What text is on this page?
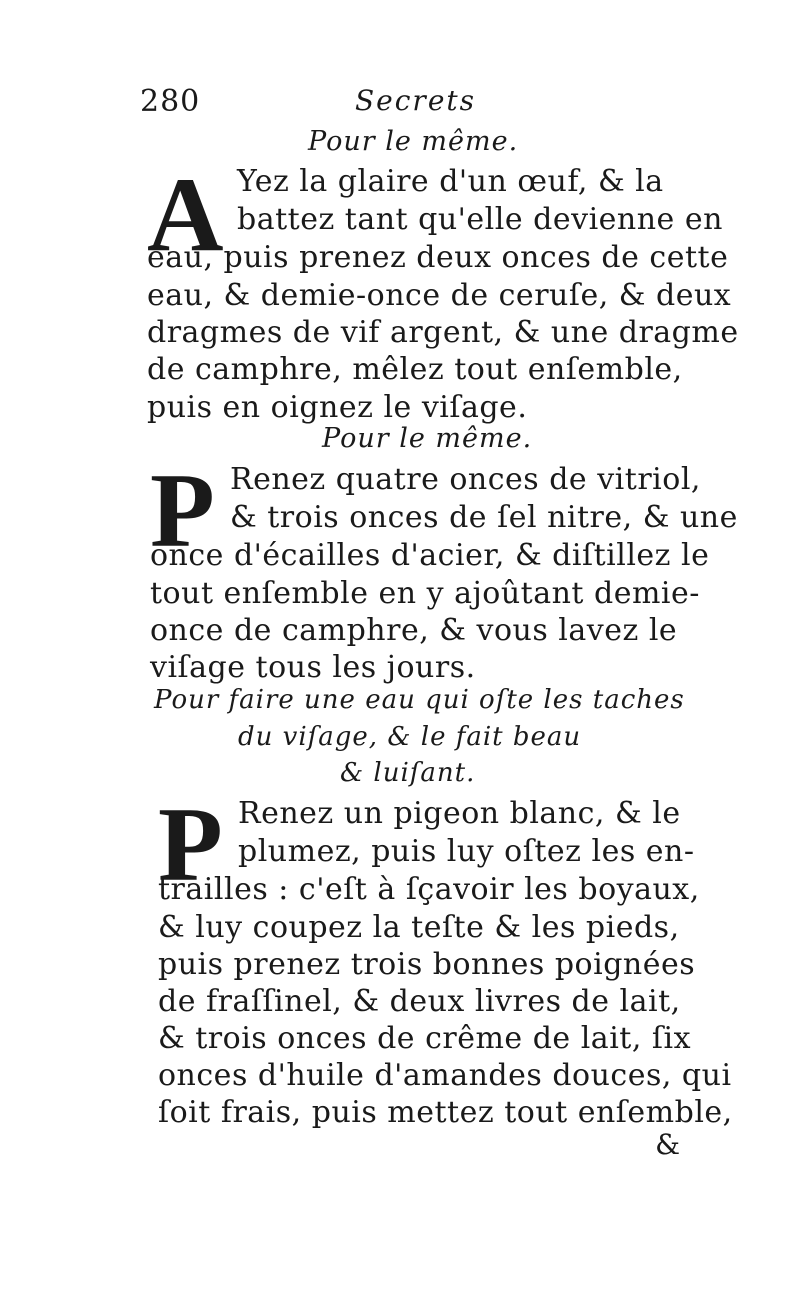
280	Secrets
Pour le même.
A Yez la glaire d'un œuf, & la
battez tant qu'elle devienne en
eau, puis prenez deux onces de cette
eau, & demie-once de ceruſe, & deux
dragmes de vif argent, & une dragme
de camphre, mêlez tout enſemble,
puis en oignez le viſage.
Pour le même.
P Renez quatre onces de vitriol,
& trois onces de ſel nitre, & une
once d'écailles d'acier, & diſtillez le
tout enſemble en y ajoûtant demie-
once de camphre, & vous lavez le
viſage tous les jours.
Pour faire une eau qui oſte les taches
du viſage, & le fait beau
& luiſant.
P Renez un pigeon blanc, & le
plumez, puis luy oſtez les en-
trailles : c'eſt à ſçavoir les boyaux,
& luy coupez la teſte & les pieds,
puis prenez trois bonnes poignées
de fraſſinel, & deux livres de lait,
& trois onces de crême de lait, ſix
onces d'huile d'amandes douces, qui
ſoit frais, puis mettez tout enſemble,
&
